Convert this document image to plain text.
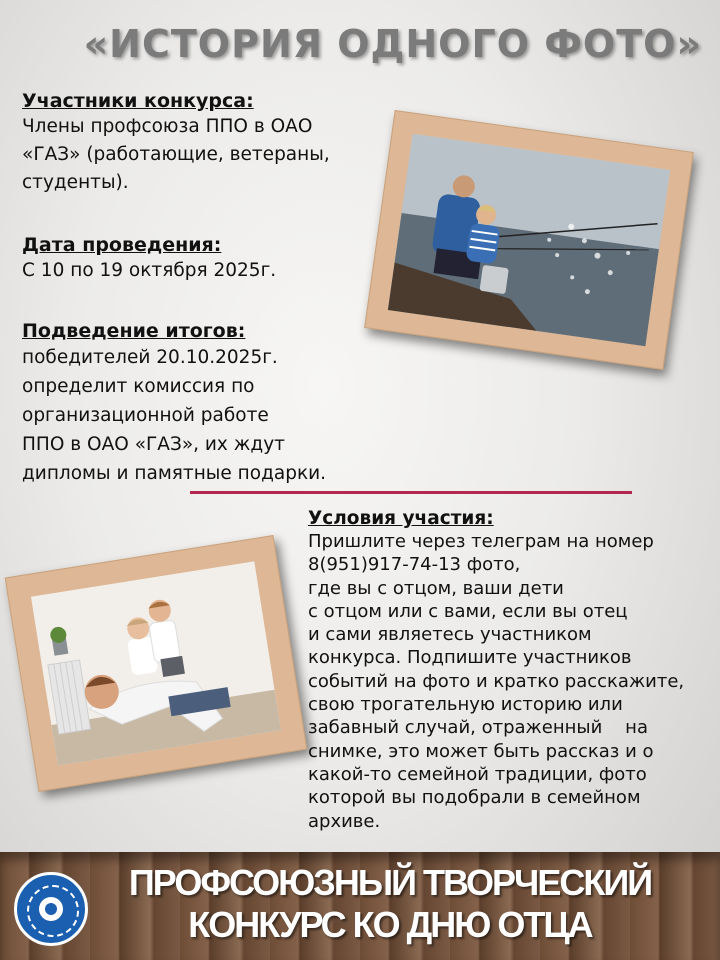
«ИСТОРИЯ ОДНОГО ФОТО»
Участники конкурса:
Члены профсоюза ППО в ОАО
«ГАЗ» (работающие, ветераны,
студенты).
Дата проведения:
С 10 по 19 октября 2025г.
Подведение итогов:
победителей 20.10.2025г.
определит комиссия по
организационной работе
ППО в ОАО «ГАЗ», их ждут
дипломы и памятные подарки.
Условия участия:
Пришлите через телеграм на номер
8(951)917-74-13 фото,
где вы с отцом, ваши дети
с отцом или с вами, если вы отец
и сами являетесь участником
конкурса. Подпишите участников
событий на фото и кратко расскажите,
свою трогательную историю или
забавный случай, отраженный    на
снимке, это может быть рассказ и о
какой-то семейной традиции, фото
которой вы подобрали в семейном
архиве.
ПРОФСОЮЗНЫЙ ТВОРЧЕСКИЙ
КОНКУРС КО ДНЮ ОТЦА
